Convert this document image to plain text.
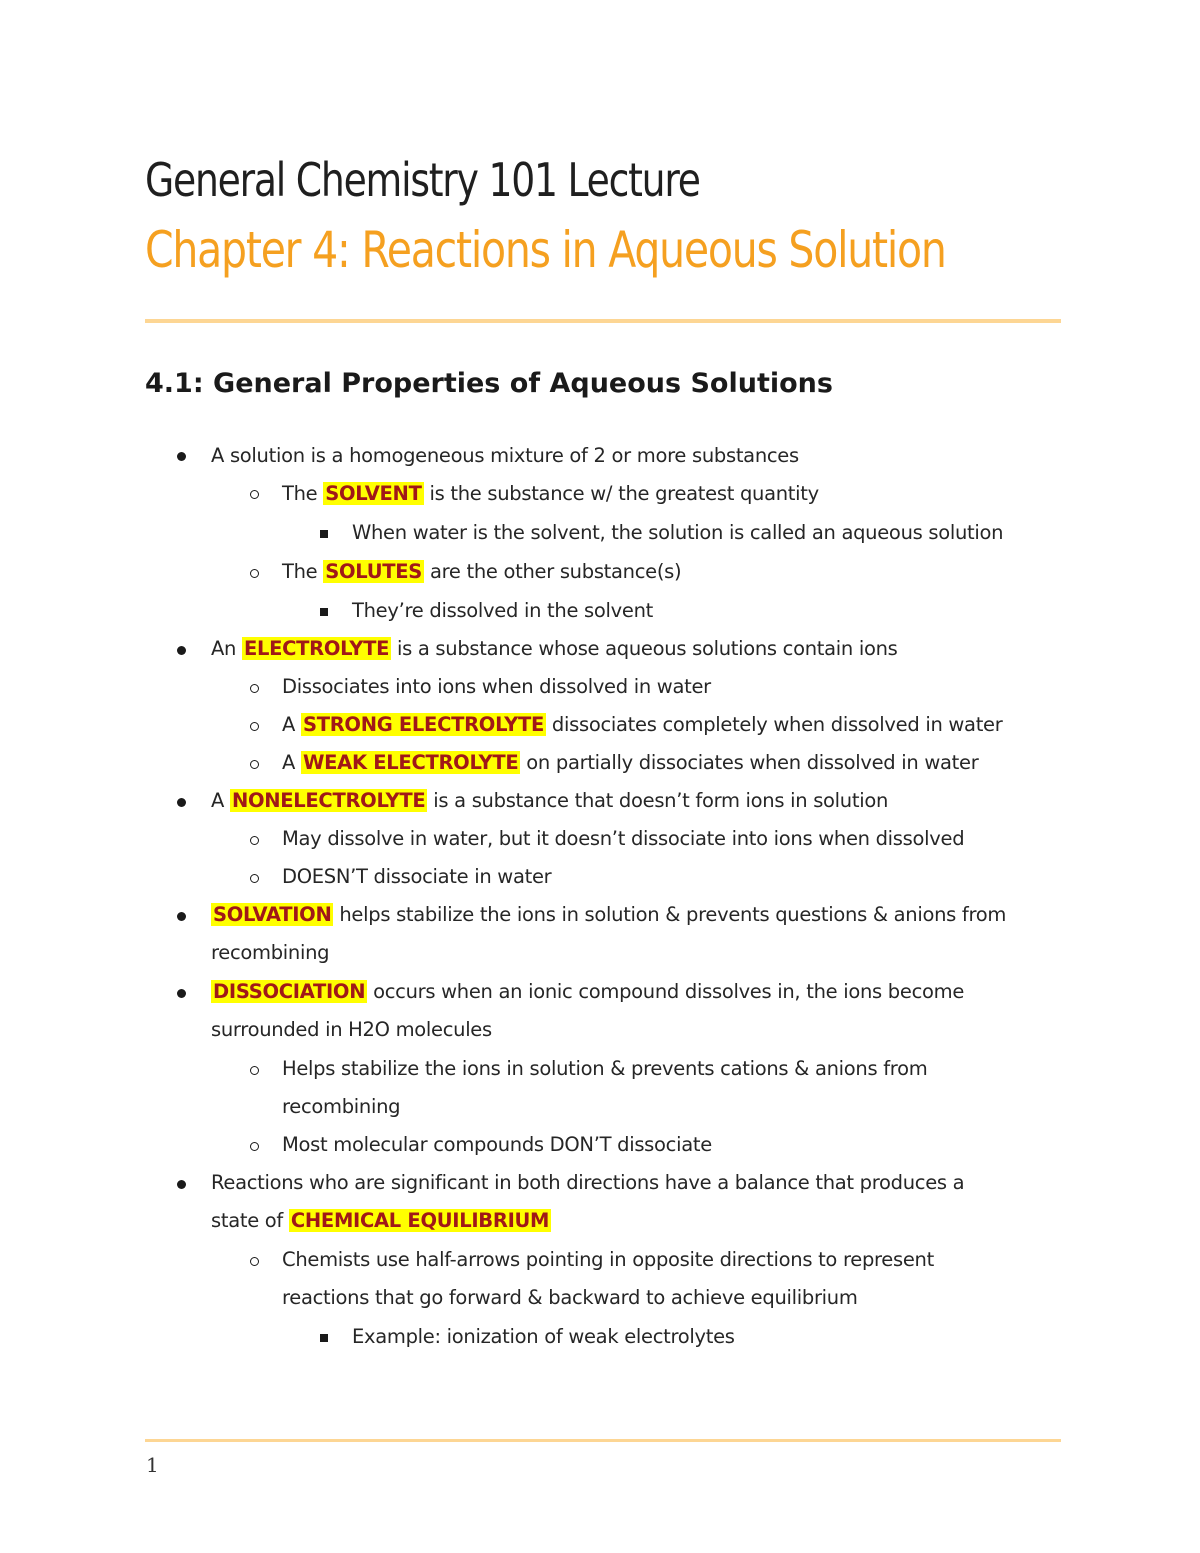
General Chemistry 101 Lecture
Chapter 4: Reactions in Aqueous Solution
4.1: General Properties of Aqueous Solutions
A solution is a homogeneous mixture of 2 or more substances
The SOLVENT is the substance w/ the greatest quantity
When water is the solvent, the solution is called an aqueous solution
The SOLUTES are the other substance(s)
They’re dissolved in the solvent
An ELECTROLYTE is a substance whose aqueous solutions contain ions
Dissociates into ions when dissolved in water
A STRONG ELECTROLYTE dissociates completely when dissolved in water
A WEAK ELECTROLYTE on partially dissociates when dissolved in water
A NONELECTROLYTE is a substance that doesn’t form ions in solution
May dissolve in water, but it doesn’t dissociate into ions when dissolved
DOESN’T dissociate in water
SOLVATION helps stabilize the ions in solution & prevents questions & anions from
recombining
DISSOCIATION occurs when an ionic compound dissolves in, the ions become
surrounded in H2O molecules
Helps stabilize the ions in solution & prevents cations & anions from
recombining
Most molecular compounds DON’T dissociate
Reactions who are significant in both directions have a balance that produces a
state of CHEMICAL EQUILIBRIUM
Chemists use half-arrows pointing in opposite directions to represent
reactions that go forward & backward to achieve equilibrium
Example: ionization of weak electrolytes
1
